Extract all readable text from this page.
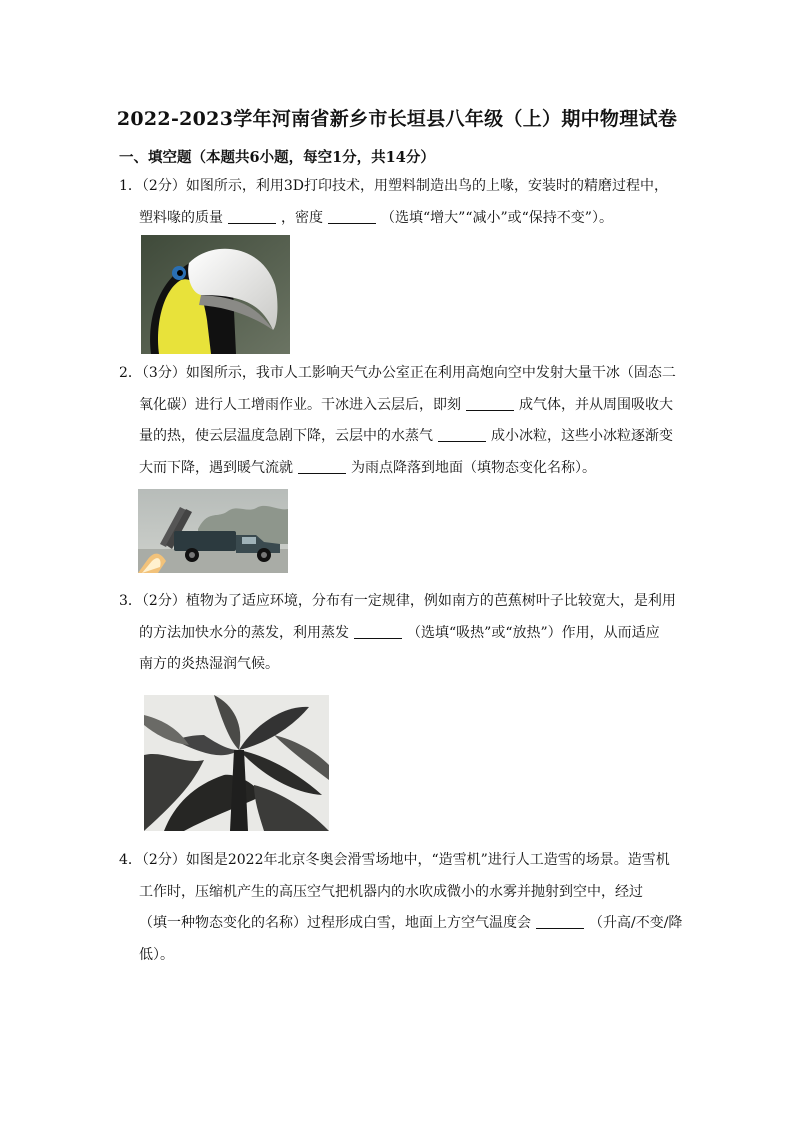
2022-2023学年河南省新乡市长垣县八年级（上）期中物理试卷
一、填空题（本题共6小题，每空1分，共14分）
1．（2分）如图所示，利用3D打印技术，用塑料制造出鸟的上喙，安装时的精磨过程中，
塑料喙的质量	，密度	（选填“增大”“减小”或“保持不变”）。
2．（3分）如图所示，我市人工影响天气办公室正在利用高炮向空中发射大量干冰（固态二
氧化碳）进行人工增雨作业。干冰进入云层后，即刻	成气体，并从周围吸收大
量的热，使云层温度急剧下降，云层中的水蒸气	成小冰粒，这些小冰粒逐渐变
大而下降，遇到暖气流就	为雨点降落到地面（填物态变化名称）。
3．（2分）植物为了适应环境，分布有一定规律，例如南方的芭蕉树叶子比较宽大，是利用
的方法加快水分的蒸发，利用蒸发	（选填“吸热”或“放热”）作用，从而适应
南方的炎热湿润气候。
4．（2分）如图是2022年北京冬奥会滑雪场地中，“造雪机”进行人工造雪的场景。造雪机
工作时，压缩机产生的高压空气把机器内的水吹成微小的水雾并抛射到空中，经过
（填一种物态变化的名称）过程形成白雪，地面上方空气温度会	（升高/不变/降
低）。
